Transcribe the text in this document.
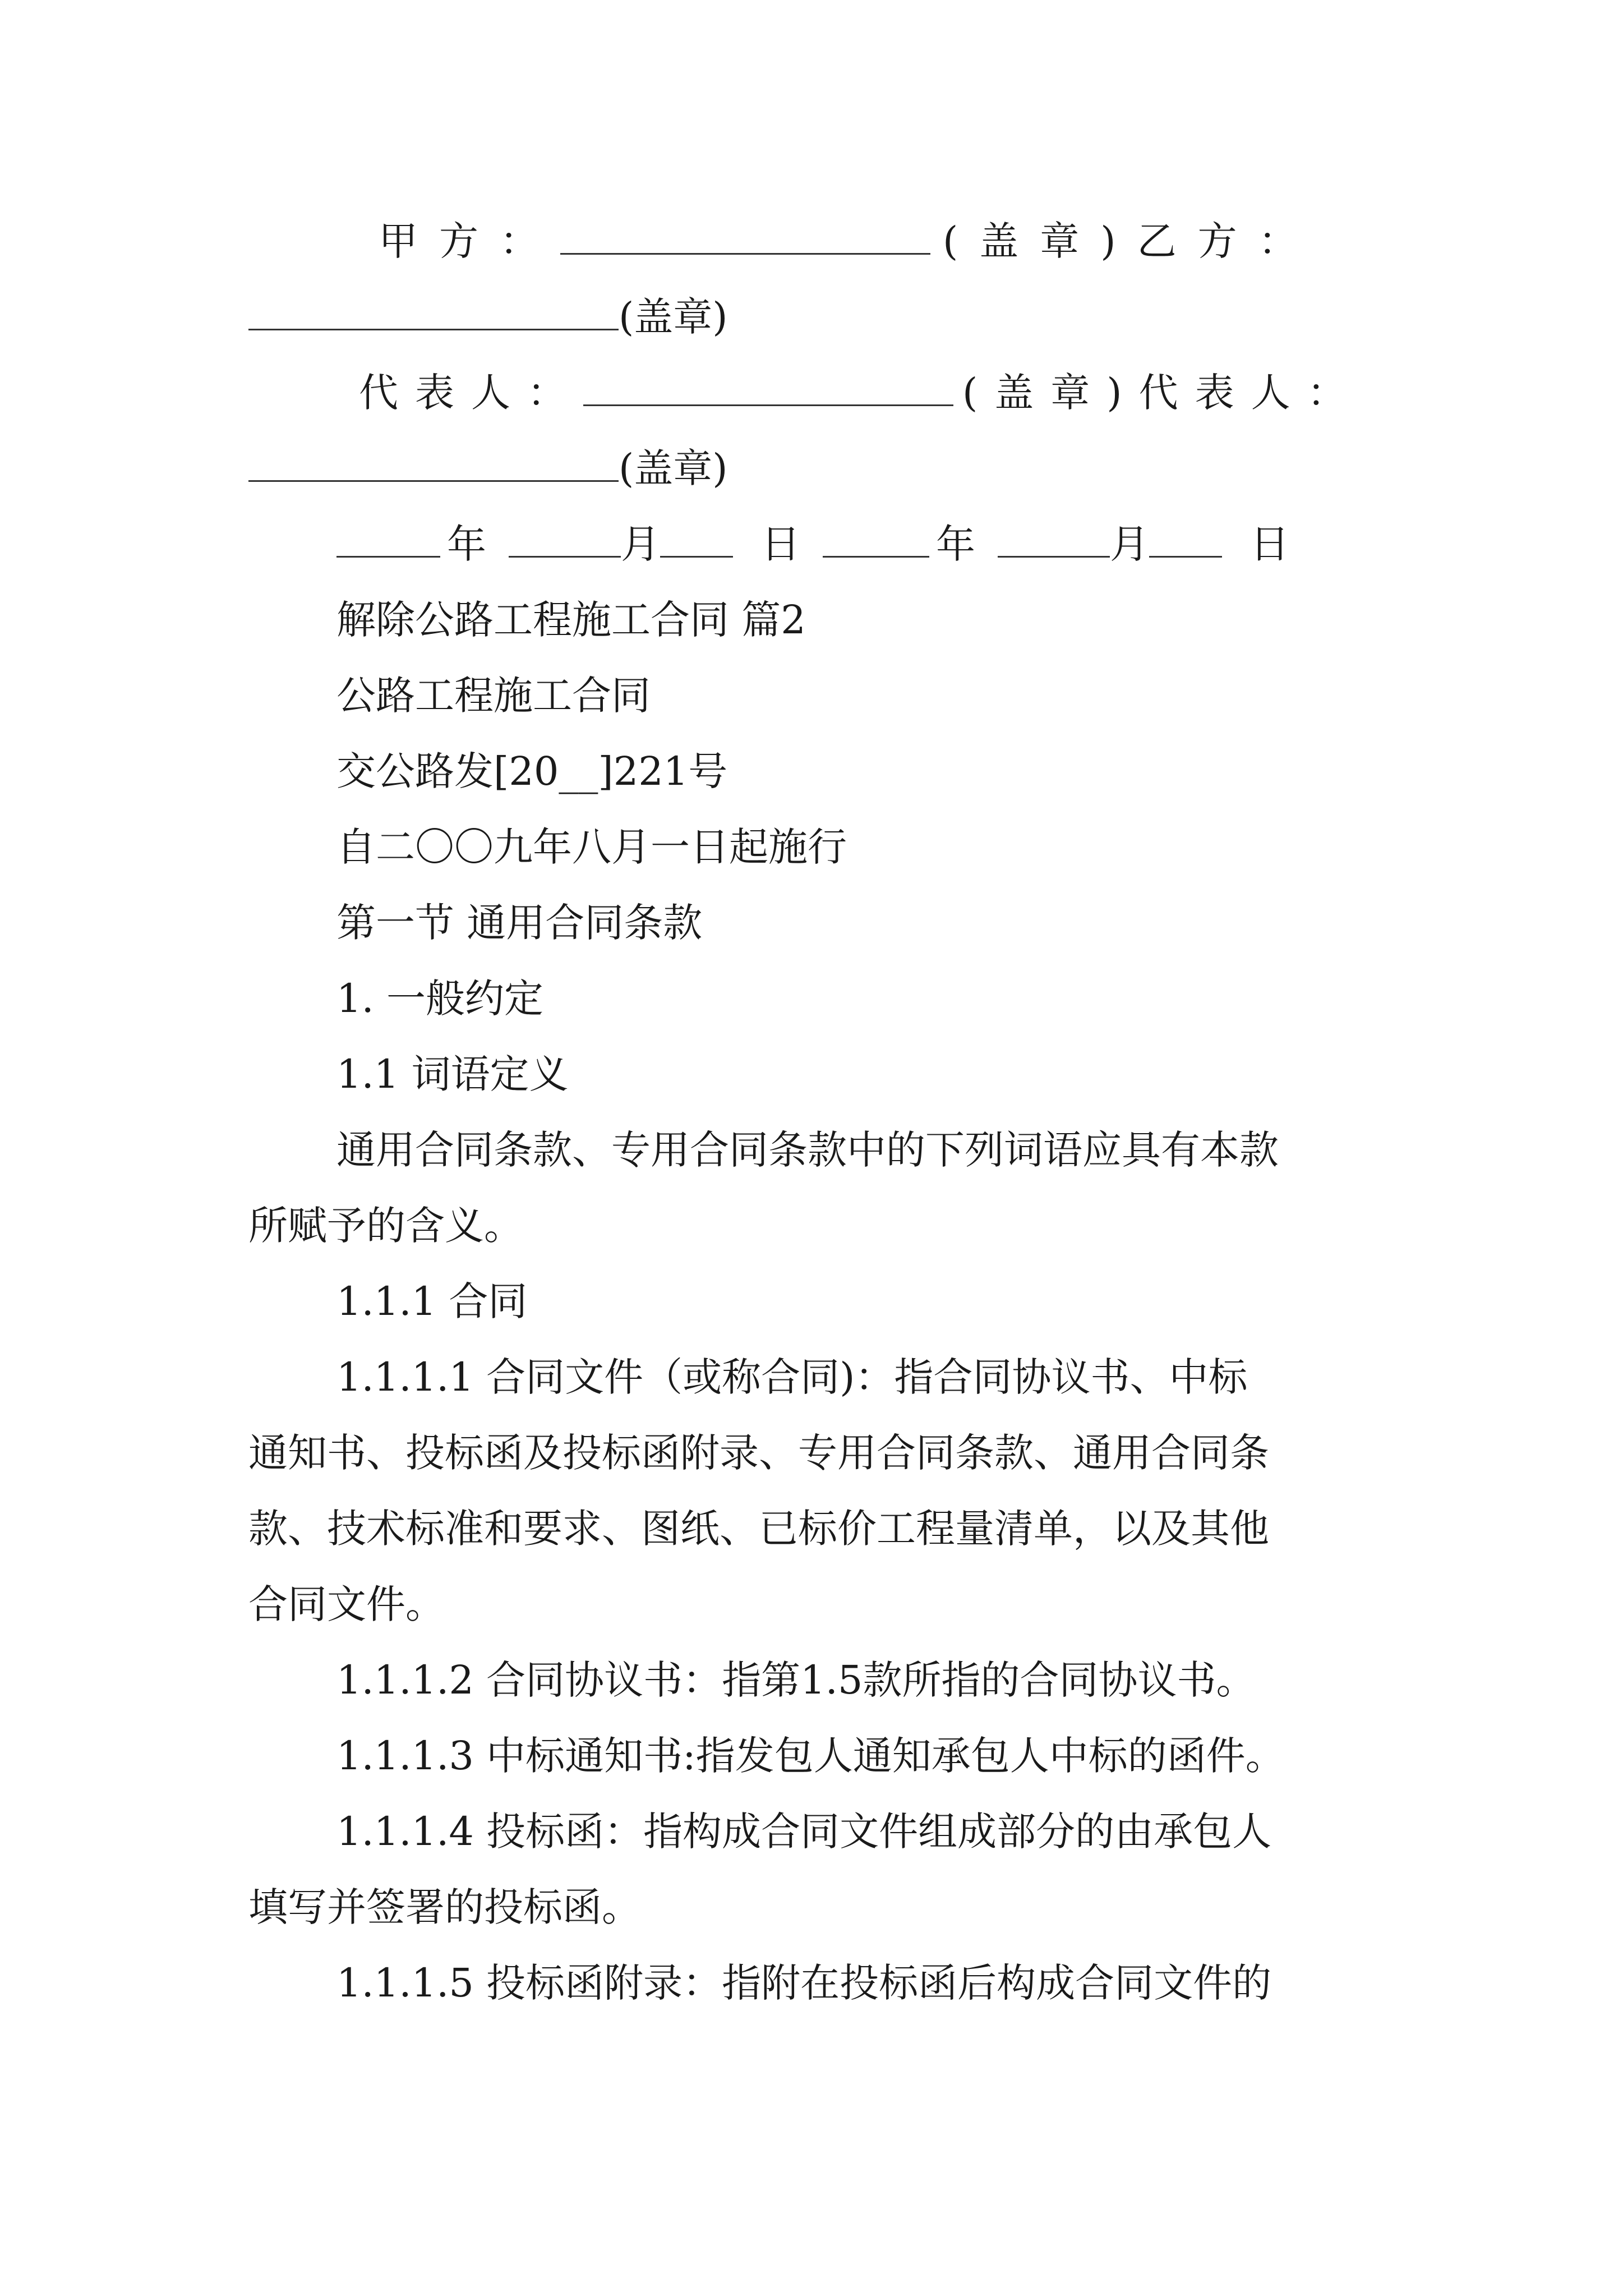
甲方：	(盖章)乙方：
(盖章)
代表人：	(盖章)代表人：
(盖章)
年	月	日	年	月	日
解除公路工程施工合同 篇2
公路工程施工合同
交公路发[20__]221号
自二〇〇九年八月一日起施行
第一节 通用合同条款
1. 一般约定
1.1 词语定义
通用合同条款、专用合同条款中的下列词语应具有本款
所赋予的含义。
1.1.1 合同
1.1.1.1 合同文件（或称合同)：指合同协议书、中标
通知书、投标函及投标函附录、专用合同条款、通用合同条
款、技术标准和要求、图纸、已标价工程量清单，以及其他
合同文件。
1.1.1.2 合同协议书：指第1.5款所指的合同协议书。
1.1.1.3 中标通知书:指发包人通知承包人中标的函件。
1.1.1.4 投标函：指构成合同文件组成部分的由承包人
填写并签署的投标函。
1.1.1.5 投标函附录：指附在投标函后构成合同文件的
